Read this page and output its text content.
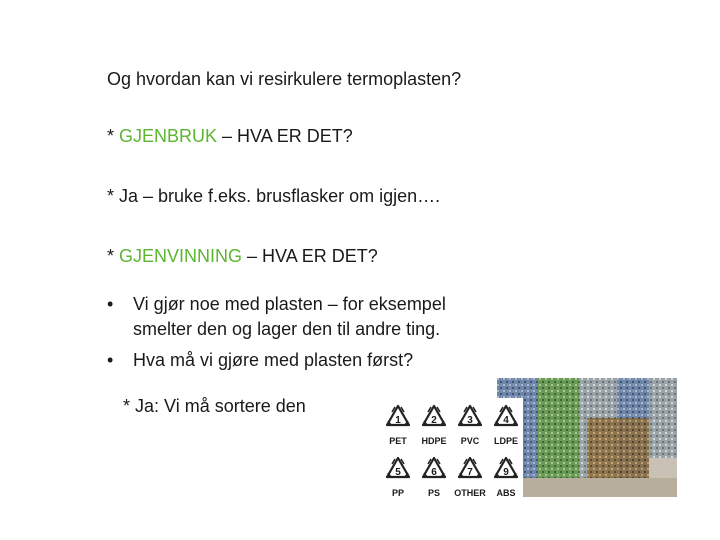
Og hvordan kan vi resirkulere termoplasten?
* GJENBRUK – HVA ER DET?
* Ja – bruke f.eks. brusflasker om igjen….
* GJENVINNING – HVA ER DET?
• Vi gjør noe med plasten – for eksempel
smelter den og lager den til andre ting.
• Hva må vi gjøre med plasten først?
* Ja: Vi må sortere den
1
PET
2
HDPE
3
PVC
4
LDPE
5
PP
6
PS
7
OTHER
9
ABS
